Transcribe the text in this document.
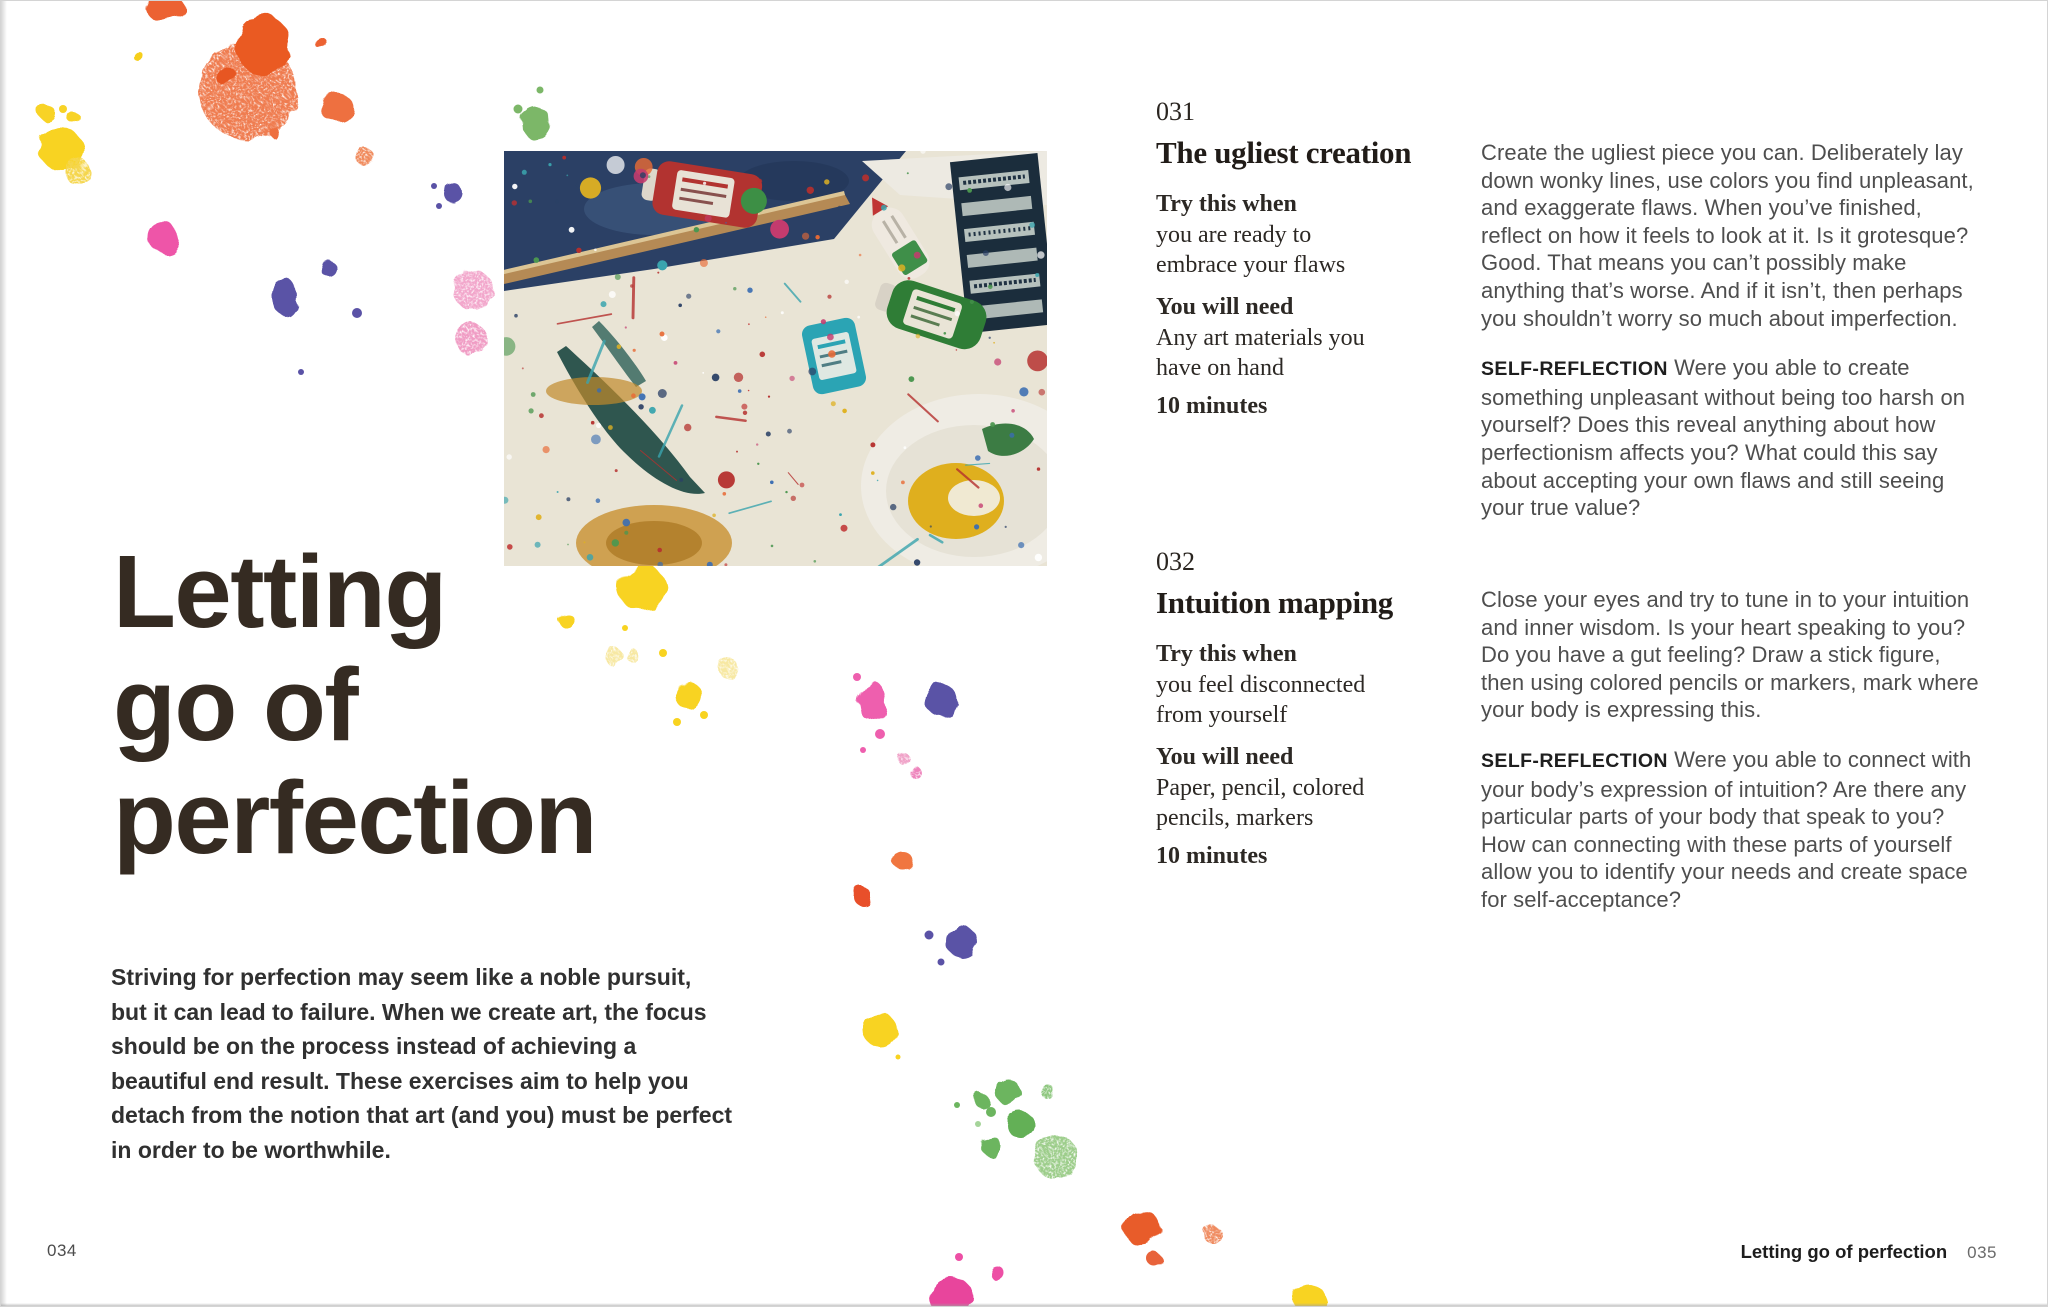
Letting
go of
perfection

Striving for perfection may seem like a noble pursuit, but it can lead to failure. When we create art, the focus should be on the process instead of achieving a beautiful end result. These exercises aim to help you detach from the notion that art (and you) must be perfect in order to be worthwhile.

034
031
The ugliest creation
Try this when
you are ready to embrace your flaws
You will need
Any art materials you have on hand
10 minutes

Create the ugliest piece you can. Deliberately lay down wonky lines, use colors you find unpleasant, and exaggerate flaws. When you’ve finished, reflect on how it feels to look at it. Is it grotesque? Good. That means you can’t possibly make anything that’s worse. And if it isn’t, then perhaps you shouldn’t worry so much about imperfection.

SELF-REFLECTION Were you able to create something unpleasant without being too harsh on yourself? Does this reveal anything about how perfectionism affects you? What could this say about accepting your own flaws and still seeing your true value?

032
Intuition mapping
Try this when
you feel disconnected from yourself
You will need
Paper, pencil, colored pencils, markers
10 minutes

Close your eyes and try to tune in to your intuition and inner wisdom. Is your heart speaking to you? Do you have a gut feeling? Draw a stick figure, then using colored pencils or markers, mark where your body is expressing this.

SELF-REFLECTION Were you able to connect with your body’s expression of intuition? Are there any particular parts of your body that speak to you? How can connecting with these parts of yourself allow you to identify your needs and create space for self-acceptance?

Letting go of perfection 035
